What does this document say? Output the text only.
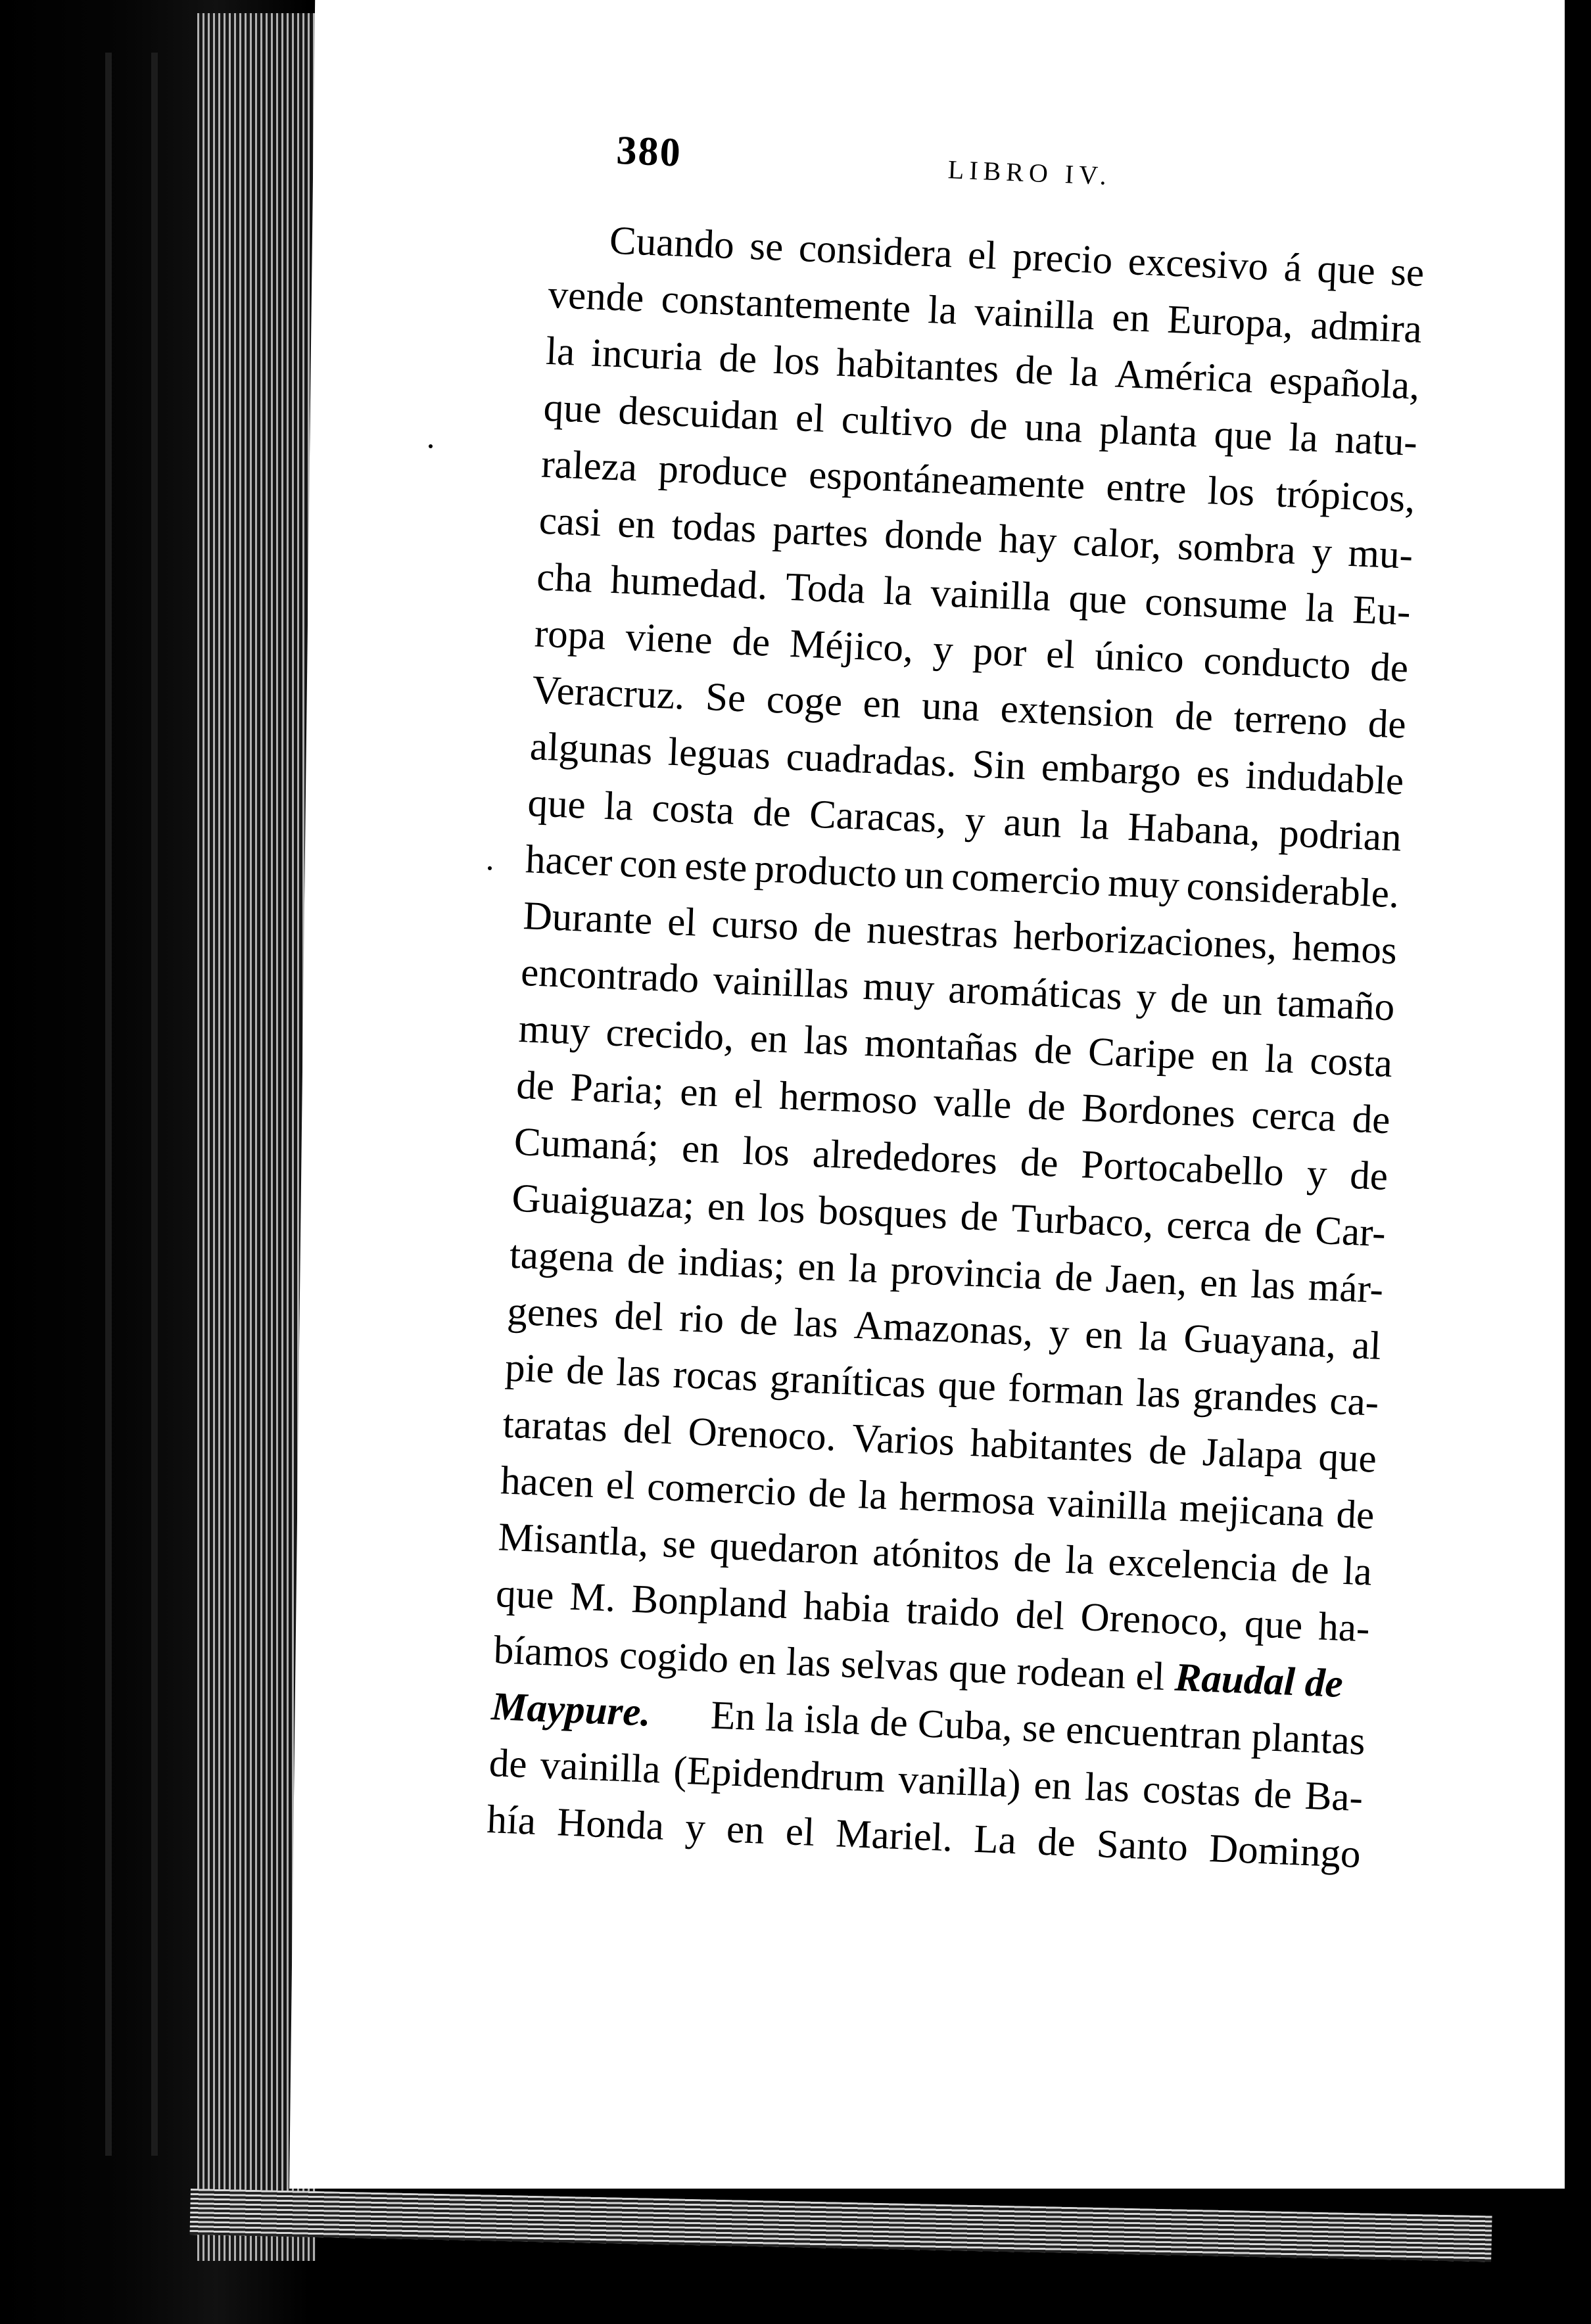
380	LIBRO IV.
Cuando se considera el precio excesivo á que se
vende constantemente la vainilla en Europa, admira
la incuria de los habitantes de la América española,
que descuidan el cultivo de una planta que la natu-
raleza produce espontáneamente entre los trópicos,
casi en todas partes donde hay calor, sombra y mu-
cha humedad. Toda la vainilla que consume la Eu-
ropa viene de Méjico, y por el único conducto de
Veracruz. Se coge en una extension de terreno de
algunas leguas cuadradas. Sin embargo es indudable
que la costa de Caracas, y aun la Habana, podrian
hacer con este producto un comercio muy considerable.
Durante el curso de nuestras herborizaciones, hemos
encontrado vainillas muy aromáticas y de un tamaño
muy crecido, en las montañas de Caripe en la costa
de Paria; en el hermoso valle de Bordones cerca de
Cumaná; en los alrededores de Portocabello y de
Guaiguaza; en los bosques de Turbaco, cerca de Car-
tagena de indias; en la provincia de Jaen, en las már-
genes del rio de las Amazonas, y en la Guayana, al
pie de las rocas graníticas que forman las grandes ca-
taratas del Orenoco. Varios habitantes de Jalapa que
hacen el comercio de la hermosa vainilla mejicana de
Misantla, se quedaron atónitos de la excelencia de la
que M. Bonpland habia traido del Orenoco, que ha-
bíamos cogido en las selvas que rodean el
Raudal de
Maypure. En la isla de Cuba, se encuentran plantas
de vainilla (Epidendrum vanilla) en las costas de Ba-
hía Honda y en el Mariel. La de Santo Domingo
